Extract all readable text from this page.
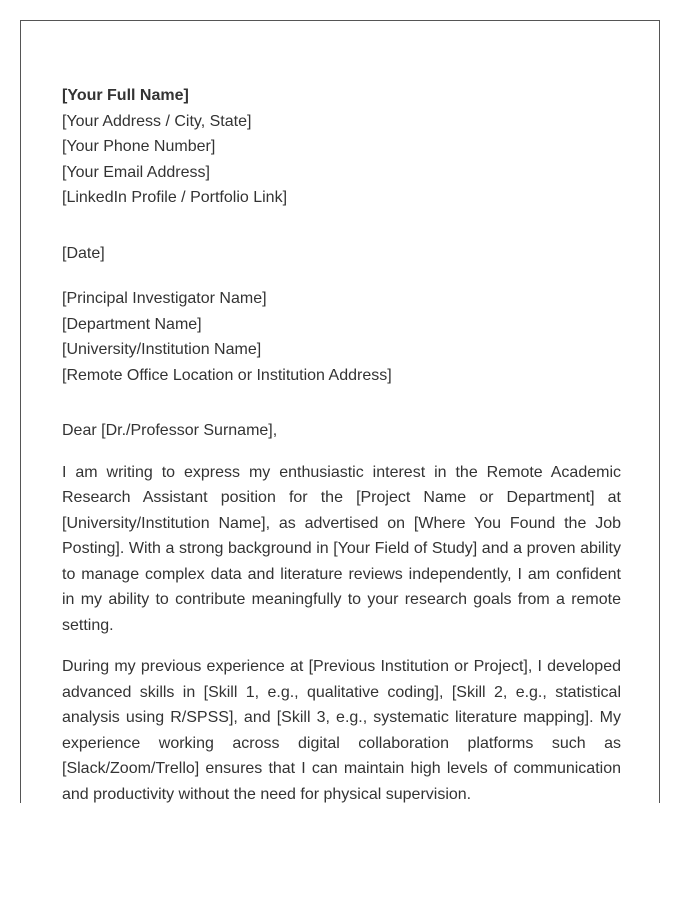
[Your Full Name]
[Your Address / City, State]
[Your Phone Number]
[Your Email Address]
[LinkedIn Profile / Portfolio Link]
[Date]
[Principal Investigator Name]
[Department Name]
[University/Institution Name]
[Remote Office Location or Institution Address]

Dear [Dr./Professor Surname],

I am writing to express my enthusiastic interest in the Remote Academic Research Assistant position for the [Project Name or Department] at [University/Institution Name], as advertised on [Where You Found the Job Posting]. With a strong background in [Your Field of Study] and a proven ability to manage complex data and literature reviews independently, I am confident in my ability to contribute meaningfully to your research goals from a remote setting.

During my previous experience at [Previous Institution or Project], I developed advanced skills in [Skill 1, e.g., qualitative coding], [Skill 2, e.g., statistical analysis using R/SPSS], and [Skill 3, e.g., systematic literature mapping]. My experience working across digital collaboration platforms such as [Slack/Zoom/Trello] ensures that I can maintain high levels of communication and productivity without the need for physical supervision.
